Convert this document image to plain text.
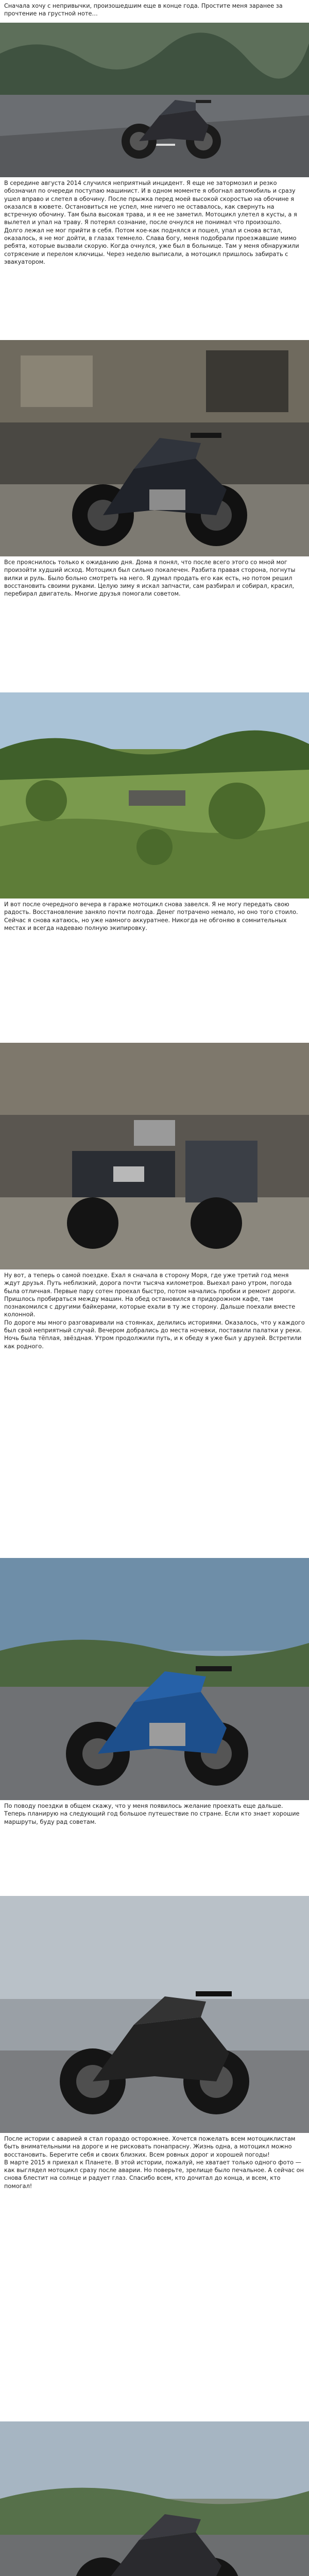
Сначала хочу с непривычки, произошедшим еще в конце года. Простите меня заранее за прочтение на грустной ноте…

В середине августа 2014 случился неприятный инцидент. Я еще не затормозил и резко обозначил по очереди поступаю машинист. И в одном моменте я обогнал автомобиль и сразу ушел вправо и слетел в обочину. После прыжка перед моей высокой скоростью на обочине я оказался в кювете. Остановиться не успел, мне ничего не оставалось, как свернуть на встречную обочину. Там была высокая трава, и я ее не заметил. Мотоцикл улетел в кусты, а я вылетел и упал на траву. Я потерял сознание, после очнулся не понимал что произошло.

Долго лежал не мог прийти в себя. Потом кое-как поднялся и пошел, упал и снова встал, оказалось, я не мог дойти, в глазах темнело. Слава богу, меня подобрали проезжавшие мимо ребята, которые вызвали скорую. Когда очнулся, уже был в больнице. Там у меня обнаружили сотрясение и перелом ключицы. Через неделю выписали, а мотоцикл пришлось забирать с эвакуатором.

Все прояснилось только к ожиданию дня. Дома я понял, что после всего этого со мной мог произойти худший исход. Мотоцикл был сильно покалечен. Разбита правая сторона, погнуты вилки и руль. Было больно смотреть на него. Я думал продать его как есть, но потом решил восстановить своими руками. Целую зиму я искал запчасти, сам разбирал и собирал, красил, перебирал двигатель. Многие друзья помогали советом.

И вот после очередного вечера в гараже мотоцикл снова завелся. Я не могу передать свою радость. Восстановление заняло почти полгода. Денег потрачено немало, но оно того стоило. Сейчас я снова катаюсь, но уже намного аккуратнее. Никогда не обгоняю в сомнительных местах и всегда надеваю полную экипировку.

Ну вот, а теперь о самой поездке. Ехал я сначала в сторону Моря, где уже третий год меня ждут друзья. Путь неблизкий, дорога почти тысяча километров. Выехал рано утром, погода была отличная. Первые пару сотен проехал быстро, потом начались пробки и ремонт дороги. Пришлось пробираться между машин. На обед остановился в придорожном кафе, там познакомился с другими байкерами, которые ехали в ту же сторону. Дальше поехали вместе колонной.

По дороге мы много разговаривали на стоянках, делились историями. Оказалось, что у каждого был свой неприятный случай. Вечером добрались до места ночевки, поставили палатки у реки. Ночь была тёплая, звёздная. Утром продолжили путь, и к обеду я уже был у друзей. Встретили как родного.

По поводу поездки в общем скажу, что у меня появилось желание проехать еще дальше. Теперь планирую на следующий год большое путешествие по стране. Если кто знает хорошие маршруты, буду рад советам.

После истории с аварией я стал гораздо осторожнее. Хочется пожелать всем мотоциклистам быть внимательными на дороге и не рисковать понапрасну. Жизнь одна, а мотоцикл можно восстановить. Берегите себя и своих близких. Всем ровных дорог и хорошей погоды!

В марте 2015 я приехал к Планете. В этой истории, пожалуй, не хватает только одного фото — как выглядел мотоцикл сразу после аварии. Но поверьте, зрелище было печальное. А сейчас он снова блестит на солнце и радует глаз. Спасибо всем, кто дочитал до конца, и всем, кто помогал!
